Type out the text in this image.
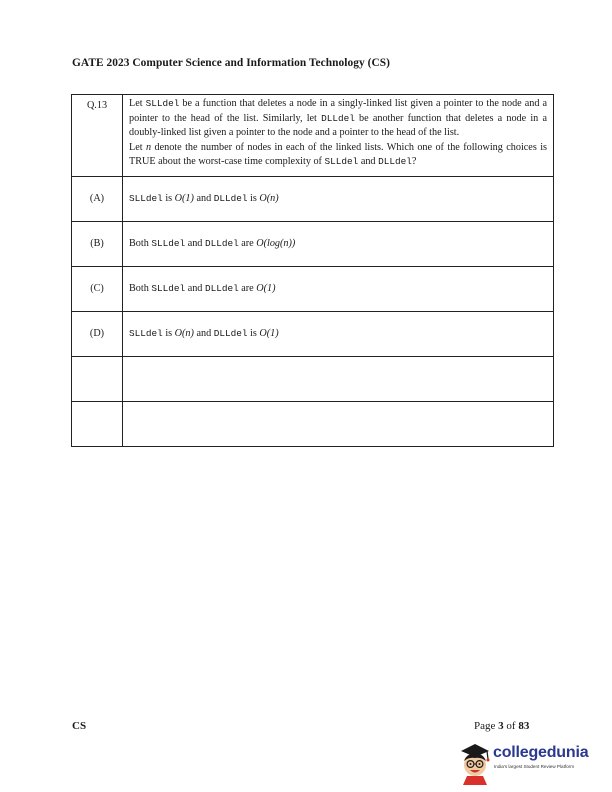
GATE 2023 Computer Science and Information Technology (CS)
Q.13	Let SLLdel be a function that deletes a node in a singly-linked list given a pointer to the node and a pointer to the head of the list. Similarly, let DLLdel be another function that deletes a node in a doubly-linked list given a pointer to the node and a pointer to the head of the list.
Let n denote the number of nodes in each of the linked lists. Which one of the following choices is TRUE about the worst-case time complexity of SLLdel and DLLdel?

(A)	SLLdel is O(1) and DLLdel is O(n)
(B)	Both SLLdel and DLLdel are O(log(n))
(C)	Both SLLdel and DLLdel are O(1)
(D)	SLLdel is O(n) and DLLdel is O(1)

CS	Page 3 of 83
collegedunia
India's largest Student Review Platform
